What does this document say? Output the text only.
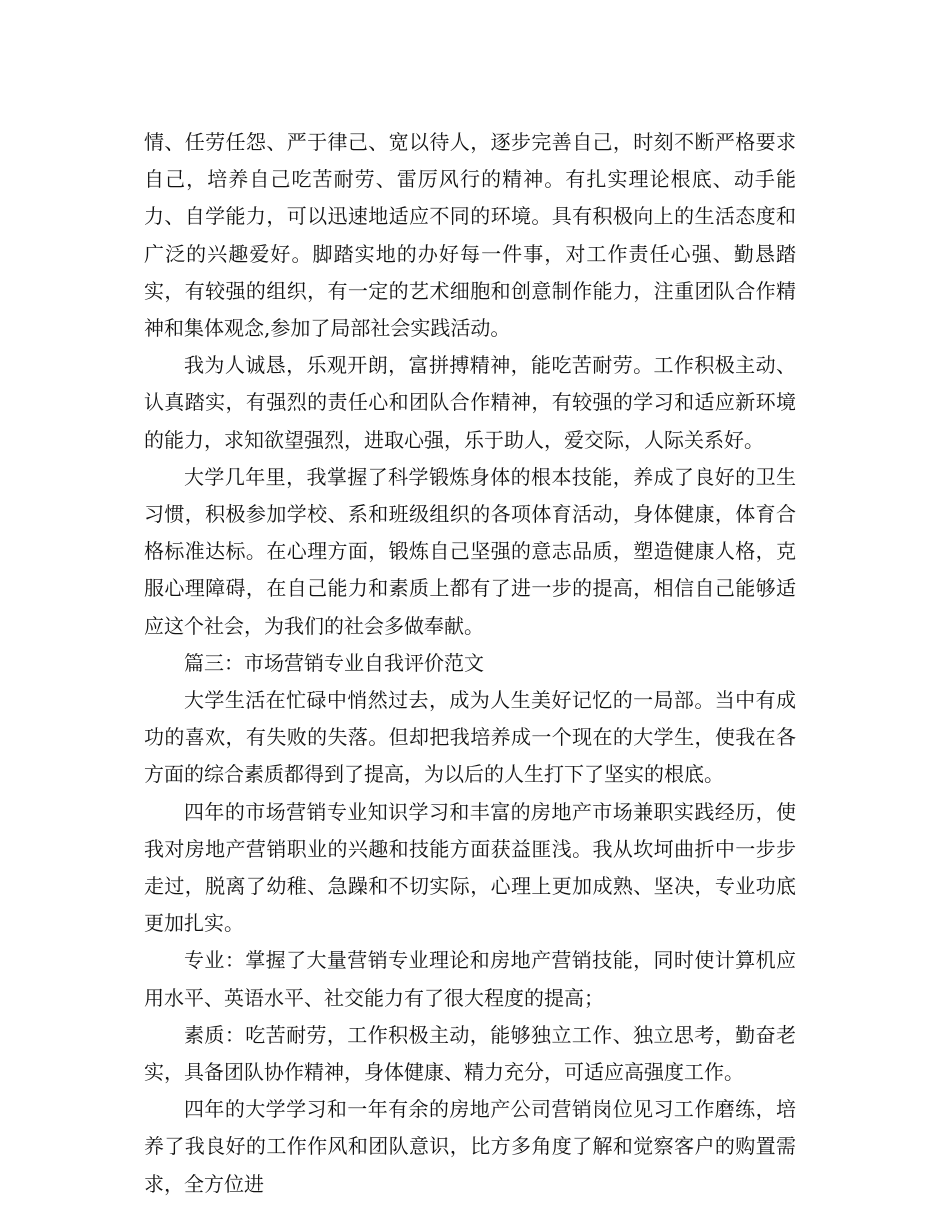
情、任劳任怨、严于律己、宽以待人，逐步完善自己，时刻不断严格要求自己，培养自己吃苦耐劳、雷厉风行的精神。有扎实理论根底、动手能力、自学能力，可以迅速地适应不同的环境。具有积极向上的生活态度和广泛的兴趣爱好。脚踏实地的办好每一件事，对工作责任心强、勤恳踏实，有较强的组织，有一定的艺术细胞和创意制作能力，注重团队合作精神和集体观念,参加了局部社会实践活动。

我为人诚恳，乐观开朗，富拼搏精神，能吃苦耐劳。工作积极主动、认真踏实，有强烈的责任心和团队合作精神，有较强的学习和适应新环境的能力，求知欲望强烈，进取心强，乐于助人，爱交际，人际关系好。

大学几年里，我掌握了科学锻炼身体的根本技能，养成了良好的卫生习惯，积极参加学校、系和班级组织的各项体育活动，身体健康，体育合格标准达标。在心理方面，锻炼自己坚强的意志品质，塑造健康人格，克服心理障碍，在自己能力和素质上都有了进一步的提高，相信自己能够适应这个社会，为我们的社会多做奉献。

篇三：市场营销专业自我评价范文

大学生活在忙碌中悄然过去，成为人生美好记忆的一局部。当中有成功的喜欢，有失败的失落。但却把我培养成一个现在的大学生，使我在各方面的综合素质都得到了提高，为以后的人生打下了坚实的根底。

四年的市场营销专业知识学习和丰富的房地产市场兼职实践经历，使我对房地产营销职业的兴趣和技能方面获益匪浅。我从坎坷曲折中一步步走过，脱离了幼稚、急躁和不切实际，心理上更加成熟、坚决，专业功底更加扎实。

专业：掌握了大量营销专业理论和房地产营销技能，同时使计算机应用水平、英语水平、社交能力有了很大程度的提高；

素质：吃苦耐劳，工作积极主动，能够独立工作、独立思考，勤奋老实，具备团队协作精神，身体健康、精力充分，可适应高强度工作。

四年的大学学习和一年有余的房地产公司营销岗位见习工作磨练，培养了我良好的工作作风和团队意识，比方多角度了解和觉察客户的购置需求，全方位进
